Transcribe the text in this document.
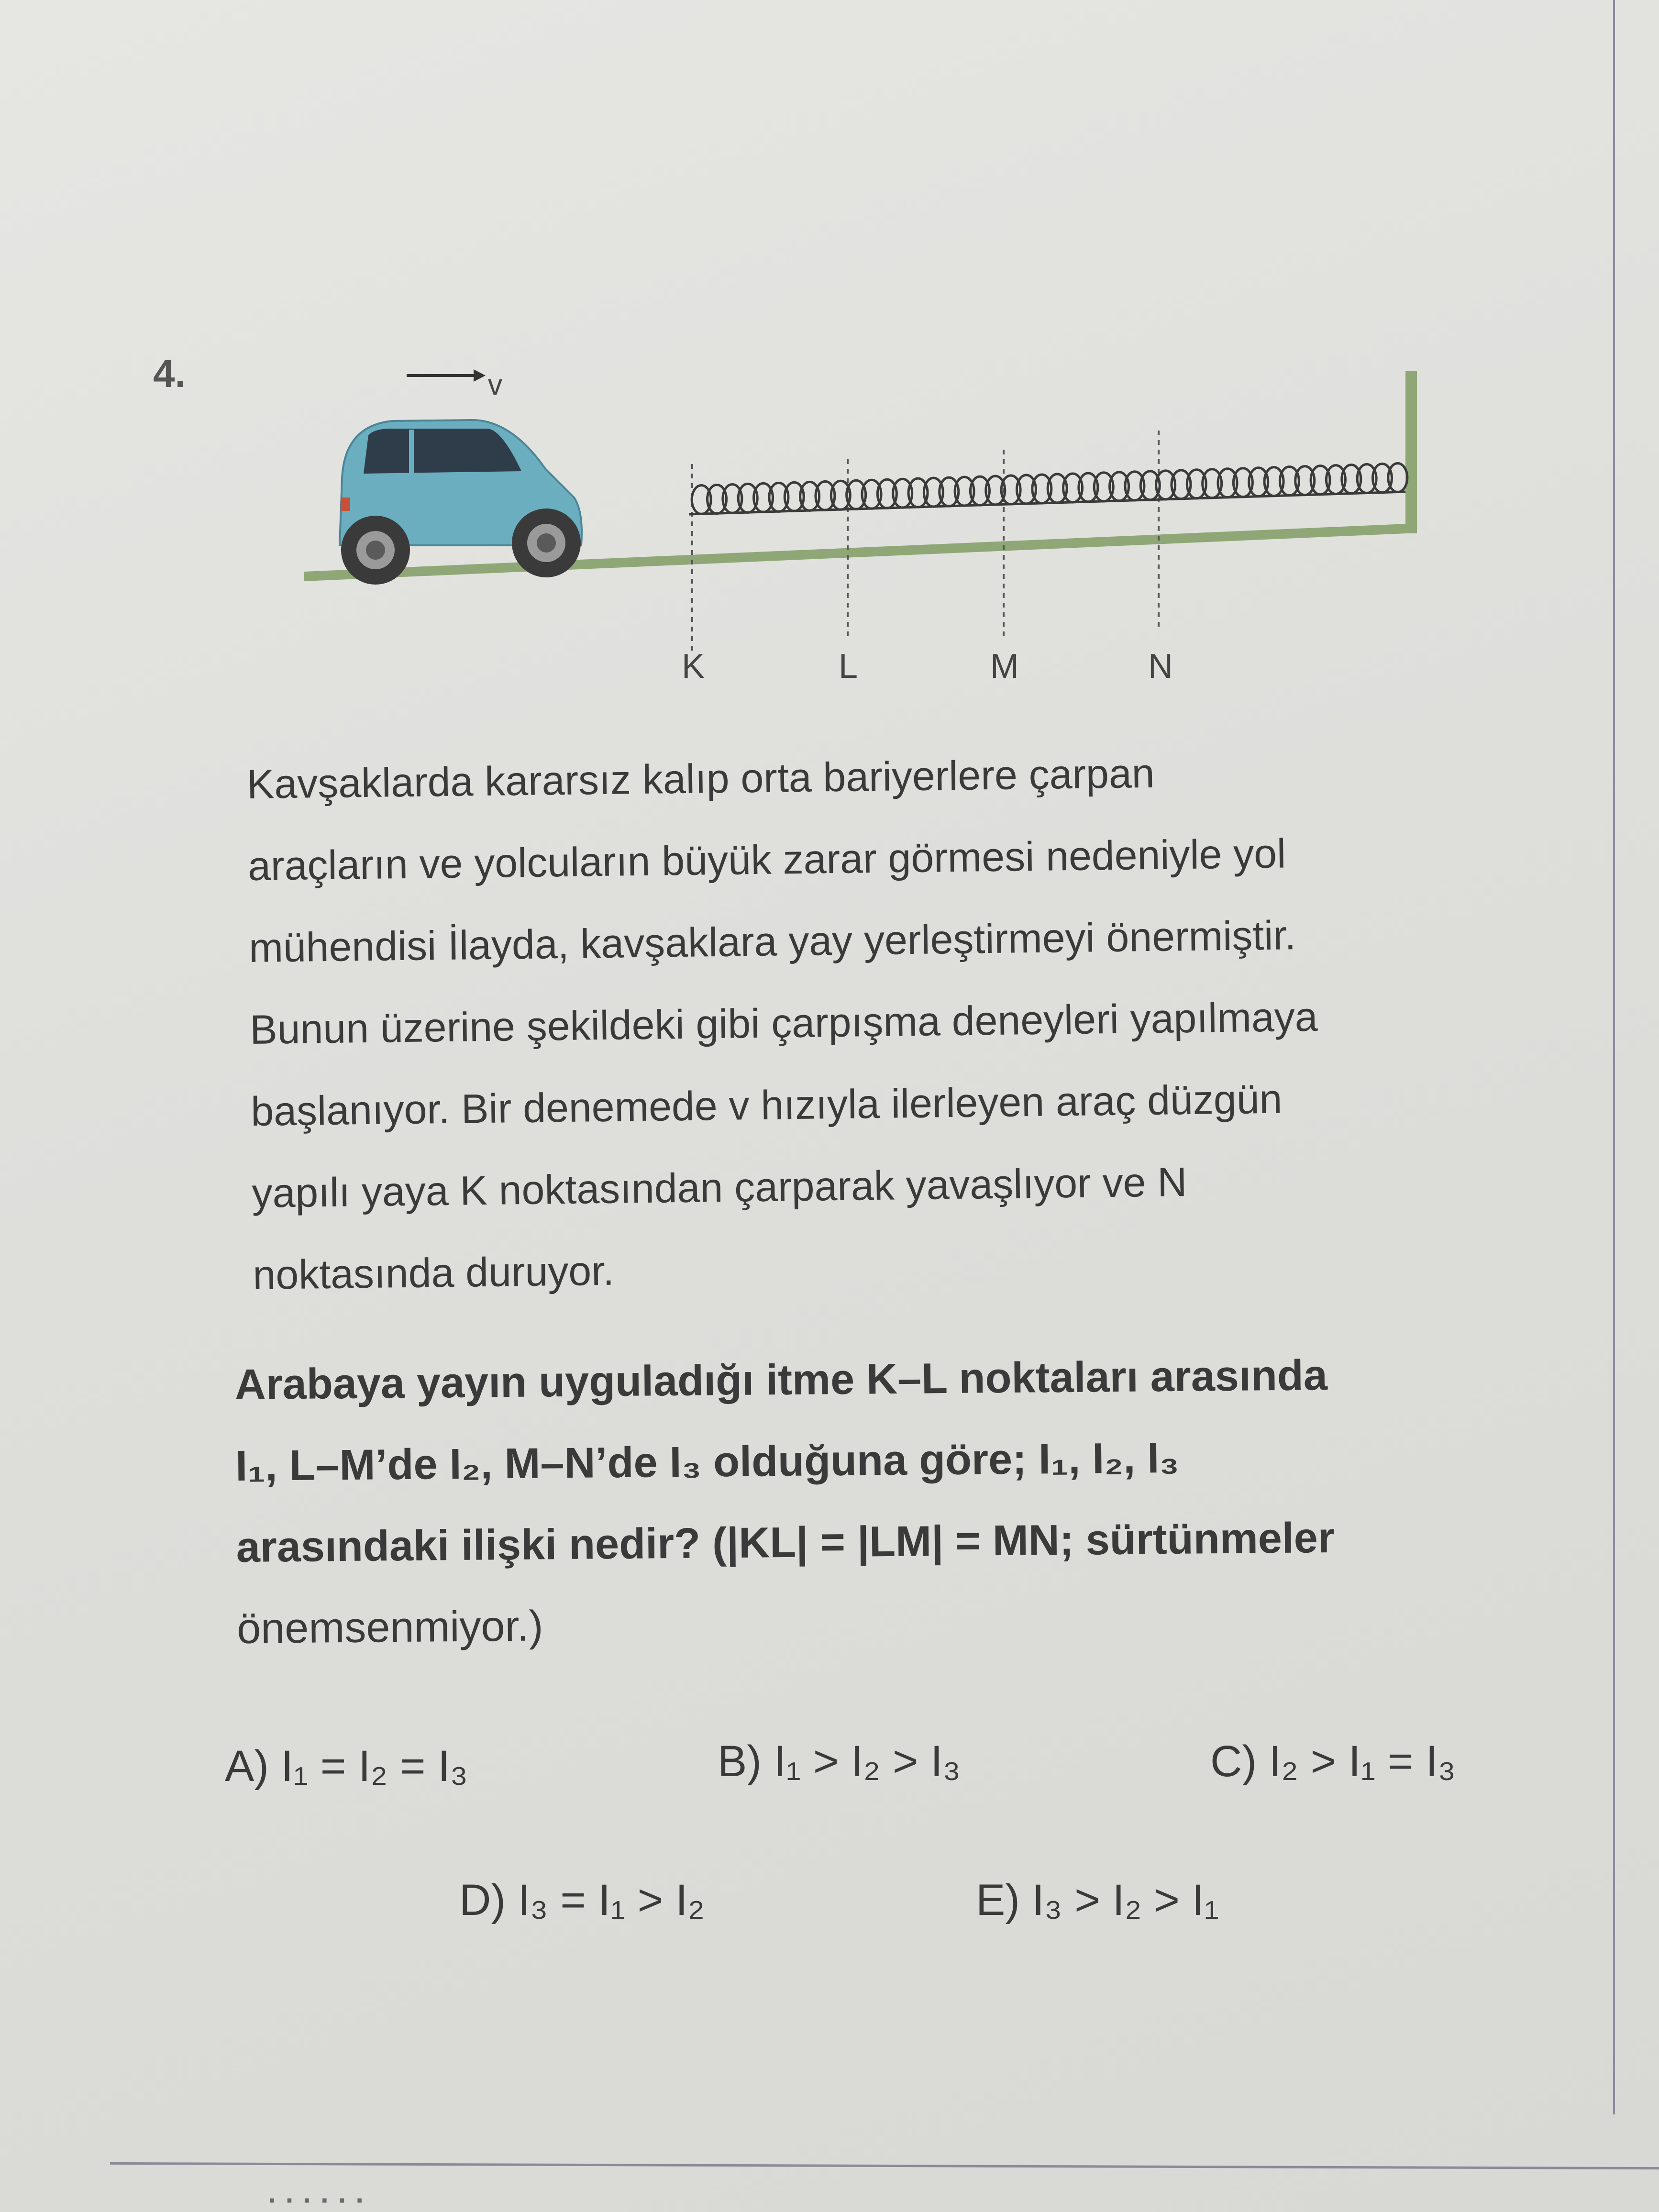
· · · · · ·
4.	v
K	L	M	N

Kavşaklarda kararsız kalıp orta bariyerlere çarpan

araçların ve yolcuların büyük zarar görmesi nedeniyle yol

mühendisi İlayda, kavşaklara yay yerleştirmeyi önermiştir.

Bunun üzerine şekildeki gibi çarpışma deneyleri yapılmaya

başlanıyor. Bir denemede v hızıyla ilerleyen araç düzgün

yapılı yaya K noktasından çarparak yavaşlıyor ve N

noktasında duruyor.

Arabaya yayın uyguladığı itme K–L noktaları arasında

I₁, L–M’de I₂, M–N’de I₃ olduğuna göre; I₁, I₂, I₃

arasındaki ilişki nedir? (|KL| = |LM| = MN; sürtünmeler

önemsenmiyor.)

A) I₁ = I₂ = I₃	B) I₁ > I₂ > I₃	C) I₂ > I₁ = I₃
D) I₃ = I₁ > I₂	E) I₃ > I₂ > I₁
